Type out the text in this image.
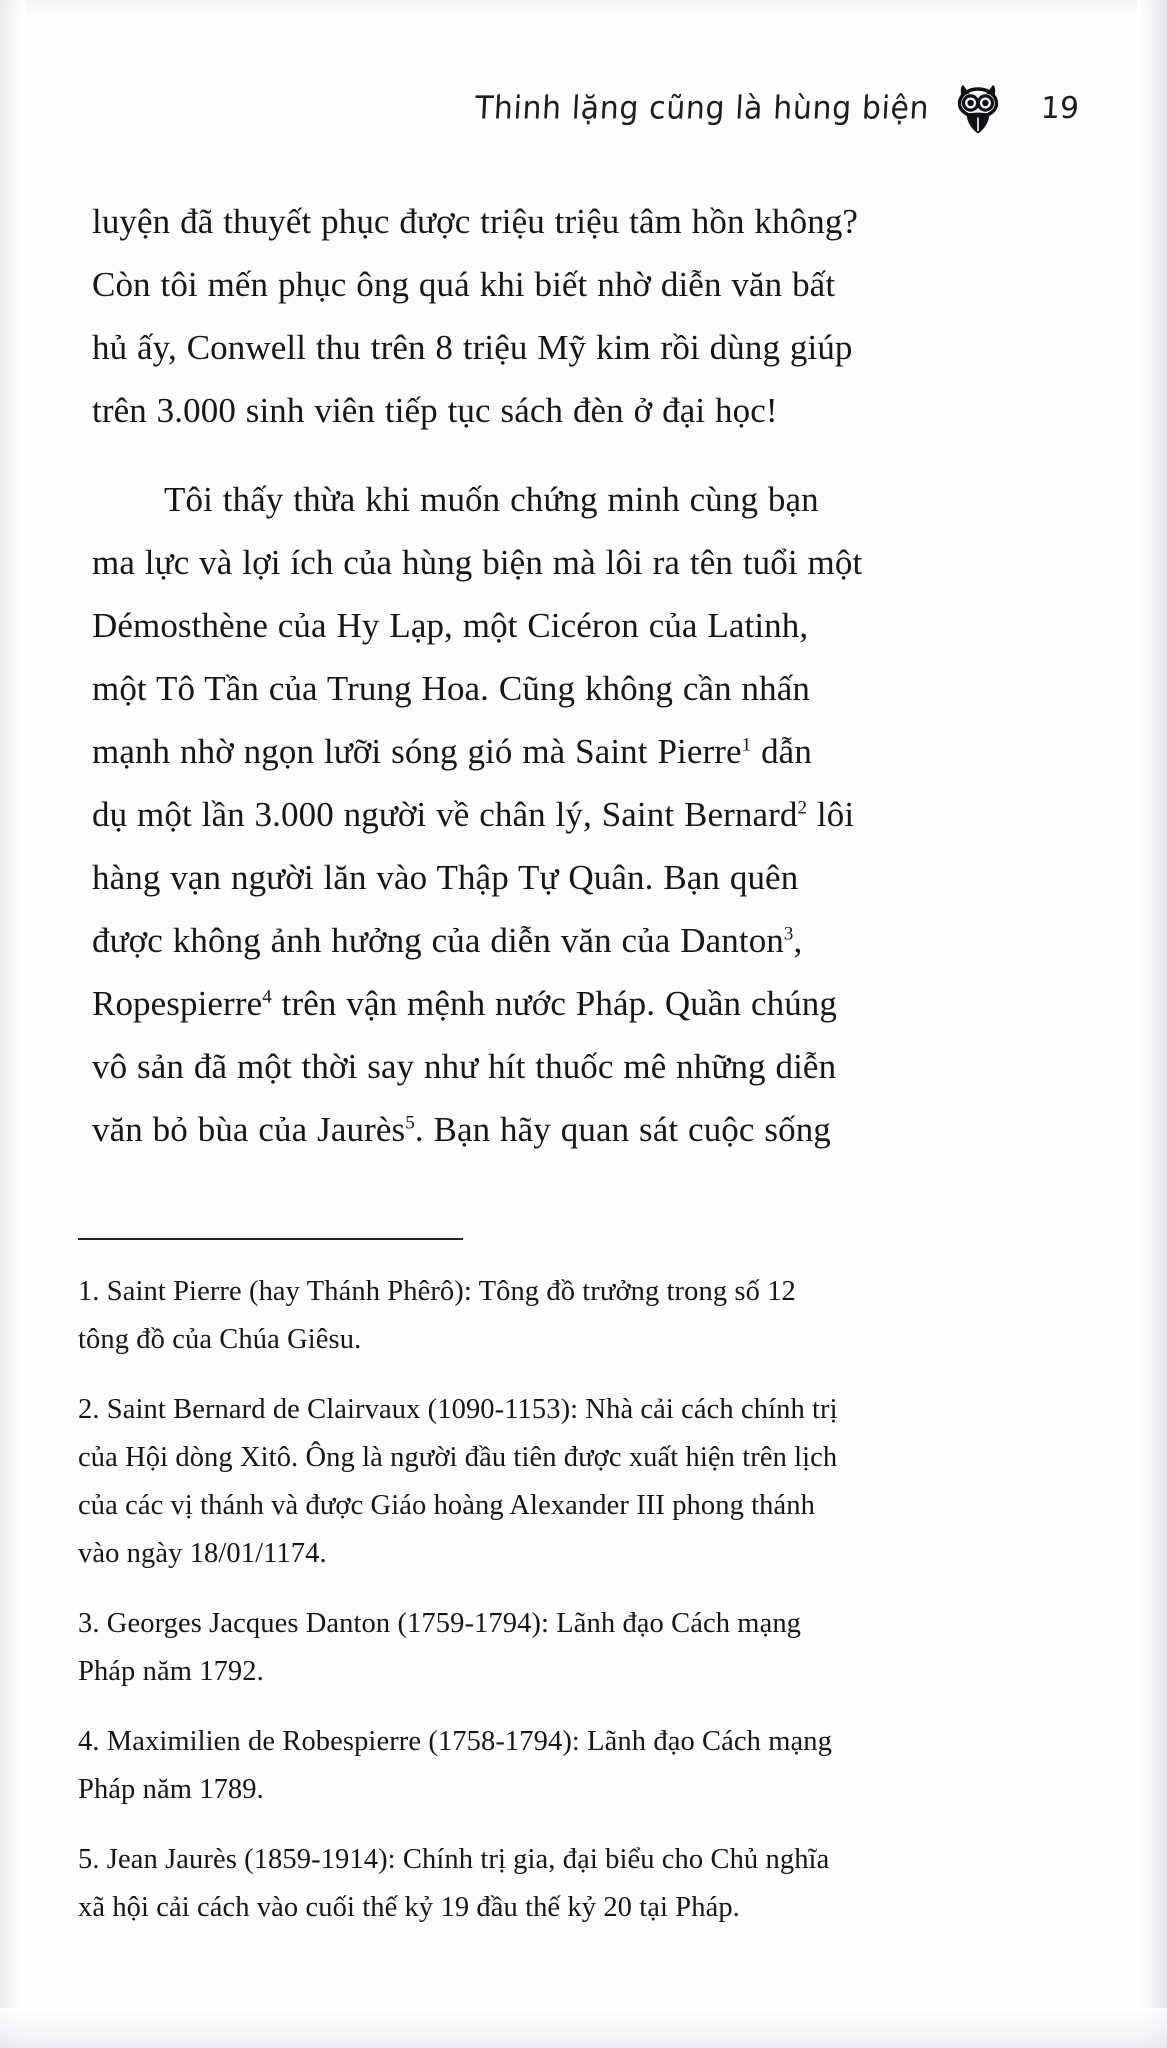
Thinh lặng cũng là hùng biện	19

luyện đã thuyết phục được triệu triệu tâm hồn không?
Còn tôi mến phục ông quá khi biết nhờ diễn văn bất
hủ ấy, Conwell thu trên 8 triệu Mỹ kim rồi dùng giúp
trên 3.000 sinh viên tiếp tục sách đèn ở đại học!

Tôi thấy thừa khi muốn chứng minh cùng bạn
ma lực và lợi ích của hùng biện mà lôi ra tên tuổi một
Démosthène của Hy Lạp, một Cicéron của Latinh,
một Tô Tần của Trung Hoa. Cũng không cần nhấn
mạnh nhờ ngọn lưỡi sóng gió mà Saint Pierre$^1$ dẫn
dụ một lần 3.000 người về chân lý, Saint Bernard$^2$ lôi
hàng vạn người lăn vào Thập Tự Quân. Bạn quên
được không ảnh hưởng của diễn văn của Danton$^3$,
Ropespierre$^4$ trên vận mệnh nước Pháp. Quần chúng
vô sản đã một thời say như hít thuốc mê những diễn
văn bỏ bùa của Jaurès$^5$. Bạn hãy quan sát cuộc sống

1. Saint Pierre (hay Thánh Phêrô): Tông đồ trưởng trong số 12
tông đồ của Chúa Giêsu.

2. Saint Bernard de Clairvaux (1090-1153): Nhà cải cách chính trị
của Hội dòng Xitô. Ông là người đầu tiên được xuất hiện trên lịch
của các vị thánh và được Giáo hoàng Alexander III phong thánh
vào ngày 18/01/1174.

3. Georges Jacques Danton (1759-1794): Lãnh đạo Cách mạng
Pháp năm 1792.

4. Maximilien de Robespierre (1758-1794): Lãnh đạo Cách mạng
Pháp năm 1789.

5. Jean Jaurès (1859-1914): Chính trị gia, đại biểu cho Chủ nghĩa
xã hội cải cách vào cuối thế kỷ 19 đầu thế kỷ 20 tại Pháp.
